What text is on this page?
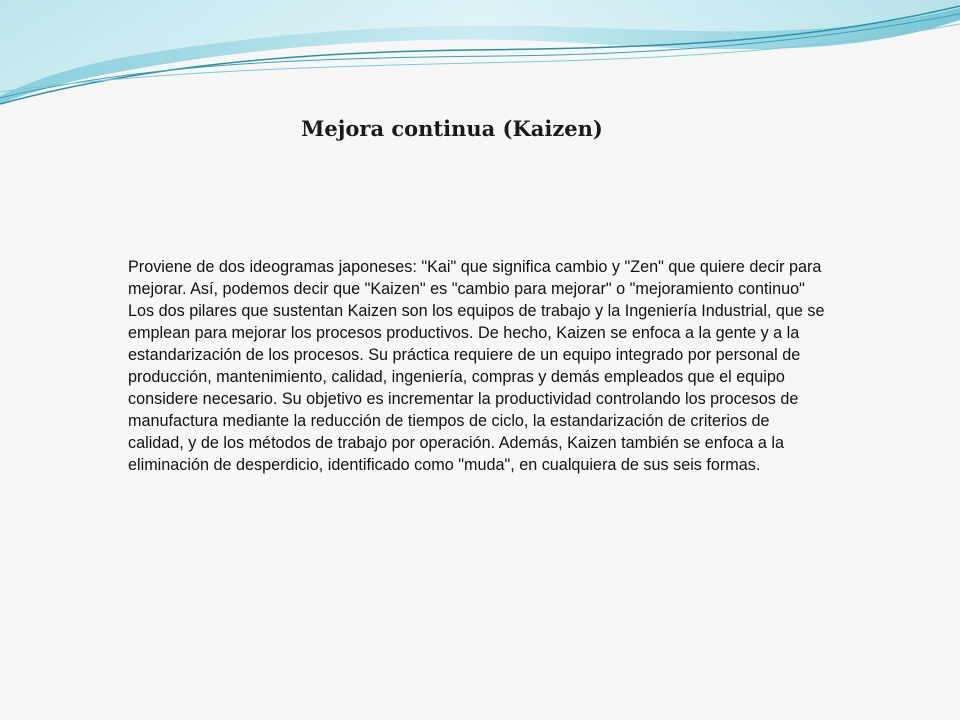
Mejora continua (Kaizen)

Proviene de dos ideogramas japoneses: "Kai" que significa cambio y "Zen" que quiere decir para mejorar. Así, podemos decir que "Kaizen" es "cambio para mejorar" o "mejoramiento continuo" Los dos pilares que sustentan Kaizen son los equipos de trabajo y la Ingeniería Industrial, que se emplean para mejorar los procesos productivos. De hecho, Kaizen se enfoca a la gente y a la estandarización de los procesos. Su práctica requiere de un equipo integrado por personal de producción, mantenimiento, calidad, ingeniería, compras y demás empleados que el equipo considere necesario. Su objetivo es incrementar la productividad controlando los procesos de manufactura mediante la reducción de tiempos de ciclo, la estandarización de criterios de calidad, y de los métodos de trabajo por operación. Además, Kaizen también se enfoca a la eliminación de desperdicio, identificado como "muda", en cualquiera de sus seis formas.
